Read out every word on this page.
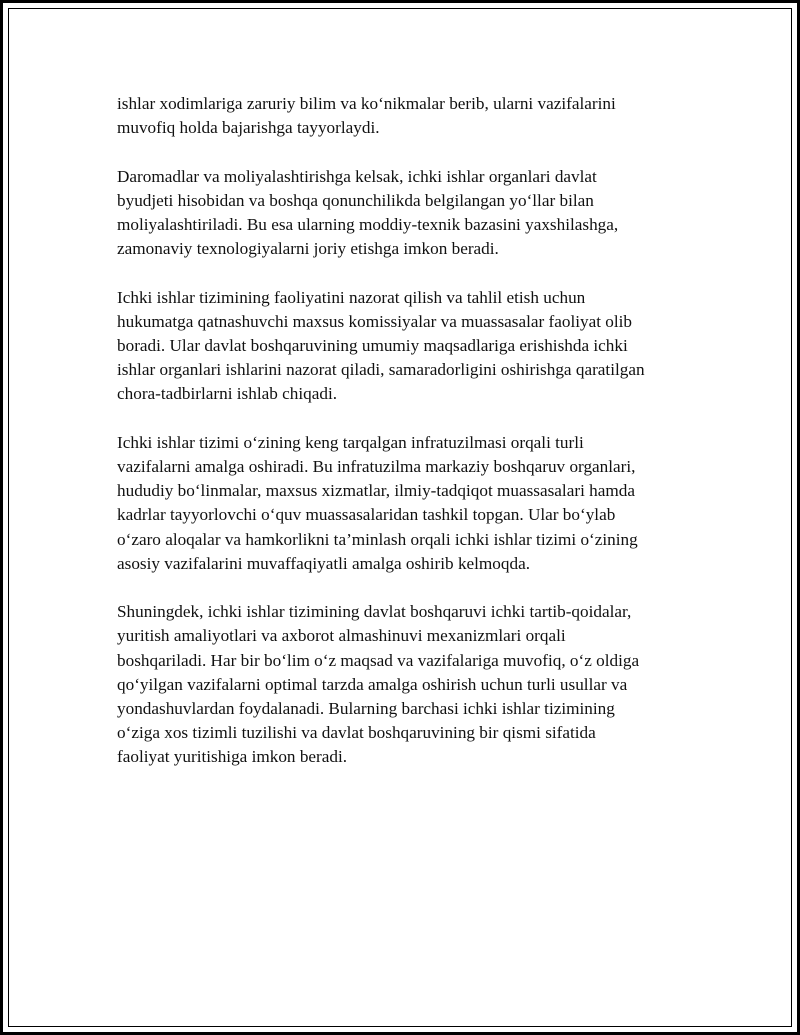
ishlar xodimlariga zaruriy bilim va ko‘nikmalar berib, ularni vazifalarini
muvofiq holda bajarishga tayyorlaydi.

Daromadlar va moliyalashtirishga kelsak, ichki ishlar organlari davlat
byudjeti hisobidan va boshqa qonunchilikda belgilangan yo‘llar bilan
moliyalashtiriladi. Bu esa ularning moddiy-texnik bazasini yaxshilashga,
zamonaviy texnologiyalarni joriy etishga imkon beradi.

Ichki ishlar tizimining faoliyatini nazorat qilish va tahlil etish uchun
hukumatga qatnashuvchi maxsus komissiyalar va muassasalar faoliyat olib
boradi. Ular davlat boshqaruvining umumiy maqsadlariga erishishda ichki
ishlar organlari ishlarini nazorat qiladi, samaradorligini oshirishga qaratilgan
chora-tadbirlarni ishlab chiqadi.

Ichki ishlar tizimi o‘zining keng tarqalgan infratuzilmasi orqali turli
vazifalarni amalga oshiradi. Bu infratuzilma markaziy boshqaruv organlari,
hududiy bo‘linmalar, maxsus xizmatlar, ilmiy-tadqiqot muassasalari hamda
kadrlar tayyorlovchi o‘quv muassasalaridan tashkil topgan. Ular bo‘ylab
o‘zaro aloqalar va hamkorlikni ta’minlash orqali ichki ishlar tizimi o‘zining
asosiy vazifalarini muvaffaqiyatli amalga oshirib kelmoqda.

Shuningdek, ichki ishlar tizimining davlat boshqaruvi ichki tartib-qoidalar,
yuritish amaliyotlari va axborot almashinuvi mexanizmlari orqali
boshqariladi. Har bir bo‘lim o‘z maqsad va vazifalariga muvofiq, o‘z oldiga
qo‘yilgan vazifalarni optimal tarzda amalga oshirish uchun turli usullar va
yondashuvlardan foydalanadi. Bularning barchasi ichki ishlar tizimining
o‘ziga xos tizimli tuzilishi va davlat boshqaruvining bir qismi sifatida
faoliyat yuritishiga imkon beradi.
